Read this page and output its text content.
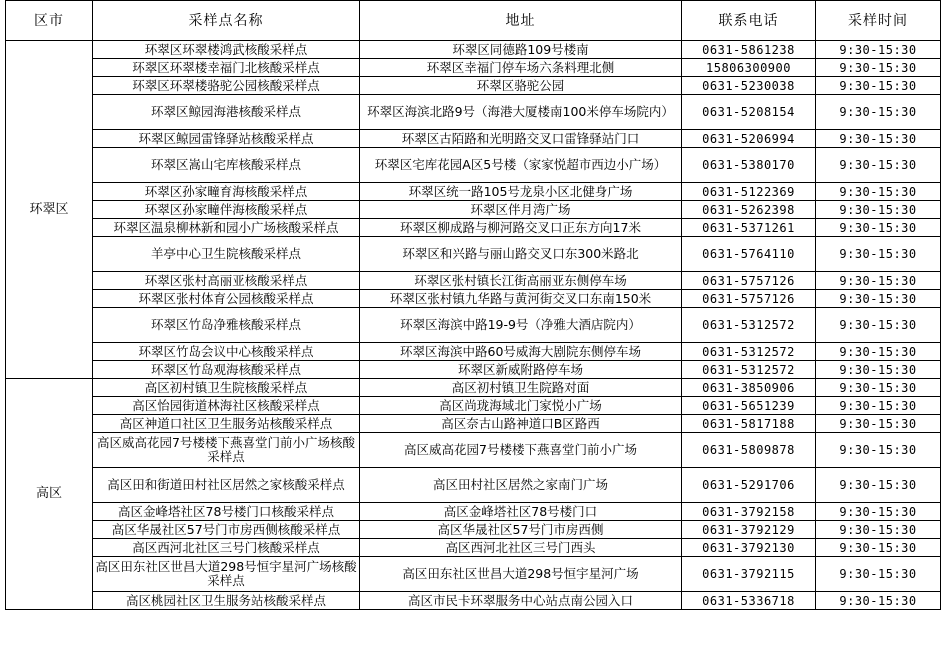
区市	采样点名称	地址	联系电话	采样时间
环翠区	环翠区环翠楼鸿武核酸采样点	环翠区同德路109号楼南	0631-5861238	9:30-15:30
	环翠区环翠楼幸福门北核酸采样点	环翠区幸福门停车场六条料理北侧	15806300900	9:30-15:30
	环翠区环翠楼骆驼公园核酸采样点	环翠区骆驼公园	0631-5230038	9:30-15:30
	环翠区鲸园海港核酸采样点	环翠区海滨北路9号（海港大厦楼南100米停车场院内）	0631-5208154	9:30-15:30
	环翠区鲸园雷锋驿站核酸采样点	环翠区古陌路和光明路交叉口雷锋驿站门口	0631-5206994	9:30-15:30
	环翠区嵩山宅库核酸采样点	环翠区宅库花园A区5号楼（家家悦超市西边小广场）	0631-5380170	9:30-15:30
	环翠区孙家疃育海核酸采样点	环翠区统一路105号龙泉小区北健身广场	0631-5122369	9:30-15:30
	环翠区孙家疃伴海核酸采样点	环翠区伴月湾广场	0631-5262398	9:30-15:30
	环翠区温泉柳林新和园小广场核酸采样点	环翠区柳成路与柳河路交叉口正东方向17米	0631-5371261	9:30-15:30
	羊亭中心卫生院核酸采样点	环翠区和兴路与丽山路交叉口东300米路北	0631-5764110	9:30-15:30
	环翠区张村高丽亚核酸采样点	环翠区张村镇长江街高丽亚东侧停车场	0631-5757126	9:30-15:30
	环翠区张村体育公园核酸采样点	环翠区张村镇九华路与黄河街交叉口东南150米	0631-5757126	9:30-15:30
	环翠区竹岛净雅核酸采样点	环翠区海滨中路19-9号（净雅大酒店院内）	0631-5312572	9:30-15:30
	环翠区竹岛会议中心核酸采样点	环翠区海滨中路60号威海大剧院东侧停车场	0631-5312572	9:30-15:30
	环翠区竹岛观海核酸采样点	环翠区新威附路停车场	0631-5312572	9:30-15:30
高区	高区初村镇卫生院核酸采样点	高区初村镇卫生院路对面	0631-3850906	9:30-15:30
	高区怡园街道林海社区核酸采样点	高区尚珑海域北门家悦小广场	0631-5651239	9:30-15:30
	高区神道口社区卫生服务站核酸采样点	高区奈古山路神道口B区路西	0631-5817188	9:30-15:30
	高区威高花园7号楼楼下燕喜堂门前小广场核酸采样点	高区威高花园7号楼楼下燕喜堂门前小广场	0631-5809878	9:30-15:30
	高区田和街道田村社区居然之家核酸采样点	高区田村社区居然之家南门广场	0631-5291706	9:30-15:30
	高区金峰塔社区78号楼门口核酸采样点	高区金峰塔社区78号楼门口	0631-3792158	9:30-15:30
	高区华晟社区57号门市房西侧核酸采样点	高区华晟社区57号门市房西侧	0631-3792129	9:30-15:30
	高区西河北社区三号门核酸采样点	高区西河北社区三号门西头	0631-3792130	9:30-15:30
	高区田东社区世昌大道298号恒宇星河广场核酸采样点	高区田东社区世昌大道298号恒宇星河广场	0631-3792115	9:30-15:30
	高区桃园社区卫生服务站核酸采样点	高区市民卡环翠服务中心站点南公园入口	0631-5336718	9:30-15:30
